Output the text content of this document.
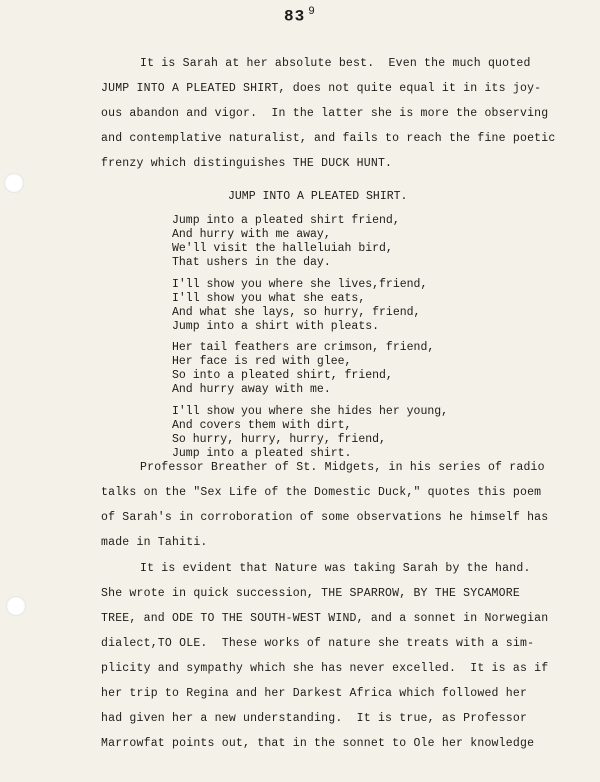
83 $^9$
It is Sarah at her absolute best.  Even the much quoted
JUMP INTO A PLEATED SHIRT, does not quite equal it in its joy-
ous abandon and vigor.  In the latter she is more the observing
and contemplative naturalist, and fails to reach the fine poetic
frenzy which distinguishes THE DUCK HUNT.
JUMP INTO A PLEATED SHIRT.
Jump into a pleated shirt friend,
And hurry with me away,
We'll visit the halleluiah bird,
That ushers in the day.
I'll show you where she lives,friend,
I'll show you what she eats,
And what she lays, so hurry, friend,
Jump into a shirt with pleats.
Her tail feathers are crimson, friend,
Her face is red with glee,
So into a pleated shirt, friend,
And hurry away with me.
I'll show you where she hides her young,
And covers them with dirt,
So hurry, hurry, hurry, friend,
Jump into a pleated shirt.
Professor Breather of St. Midgets, in his series of radio
talks on the "Sex Life of the Domestic Duck," quotes this poem
of Sarah's in corroboration of some observations he himself has
made in Tahiti.
It is evident that Nature was taking Sarah by the hand.
She wrote in quick succession, THE SPARROW, BY THE SYCAMORE
TREE, and ODE TO THE SOUTH-WEST WIND, and a sonnet in Norwegian
dialect,TO OLE.  These works of nature she treats with a sim-
plicity and sympathy which she has never excelled.  It is as if
her trip to Regina and her Darkest Africa which followed her
had given her a new understanding.  It is true, as Professor
Marrowfat points out, that in the sonnet to Ole her knowledge
